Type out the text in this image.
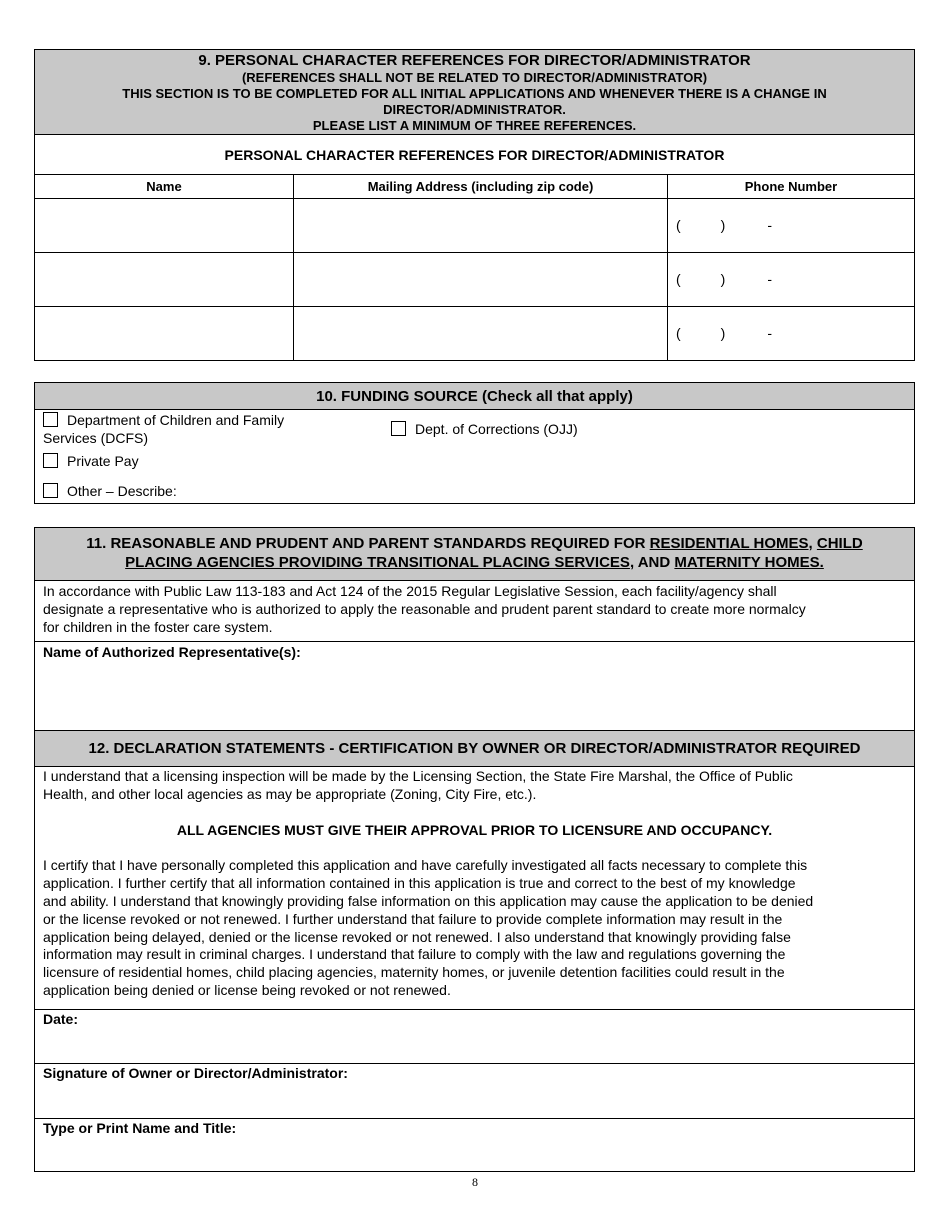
9. PERSONAL CHARACTER REFERENCES FOR DIRECTOR/ADMINISTRATOR
(REFERENCES SHALL NOT BE RELATED TO DIRECTOR/ADMINISTRATOR)
THIS SECTION IS TO BE COMPLETED FOR ALL INITIAL APPLICATIONS AND WHENEVER THERE IS A CHANGE IN
DIRECTOR/ADMINISTRATOR.
PLEASE LIST A MINIMUM OF THREE REFERENCES.
PERSONAL CHARACTER REFERENCES FOR DIRECTOR/ADMINISTRATOR
Name	Mailing Address (including zip code)	Phone Number
		( ) -
		( ) -
		( ) -
10. FUNDING SOURCE (Check all that apply)
Department of Children and Family
Services (DCFS)
Dept. of Corrections (OJJ)
Private Pay
Other – Describe:
11. REASONABLE AND PRUDENT AND PARENT STANDARDS REQUIRED FOR RESIDENTIAL HOMES, CHILD
PLACING AGENCIES PROVIDING TRANSITIONAL PLACING SERVICES, AND MATERNITY HOMES.
In accordance with Public Law 113-183 and Act 124 of the 2015 Regular Legislative Session, each facility/agency shall
designate a representative who is authorized to apply the reasonable and prudent parent standard to create more normalcy
for children in the foster care system.
Name of Authorized Representative(s):
12. DECLARATION STATEMENTS - CERTIFICATION BY OWNER OR DIRECTOR/ADMINISTRATOR REQUIRED
I understand that a licensing inspection will be made by the Licensing Section, the State Fire Marshal, the Office of Public
Health, and other local agencies as may be appropriate (Zoning, City Fire, etc.).
ALL AGENCIES MUST GIVE THEIR APPROVAL PRIOR TO LICENSURE AND OCCUPANCY.
I certify that I have personally completed this application and have carefully investigated all facts necessary to complete this
application. I further certify that all information contained in this application is true and correct to the best of my knowledge
and ability. I understand that knowingly providing false information on this application may cause the application to be denied
or the license revoked or not renewed. I further understand that failure to provide complete information may result in the
application being delayed, denied or the license revoked or not renewed. I also understand that knowingly providing false
information may result in criminal charges. I understand that failure to comply with the law and regulations governing the
licensure of residential homes, child placing agencies, maternity homes, or juvenile detention facilities could result in the
application being denied or license being revoked or not renewed.
Date:
Signature of Owner or Director/Administrator:
Type or Print Name and Title:
8
